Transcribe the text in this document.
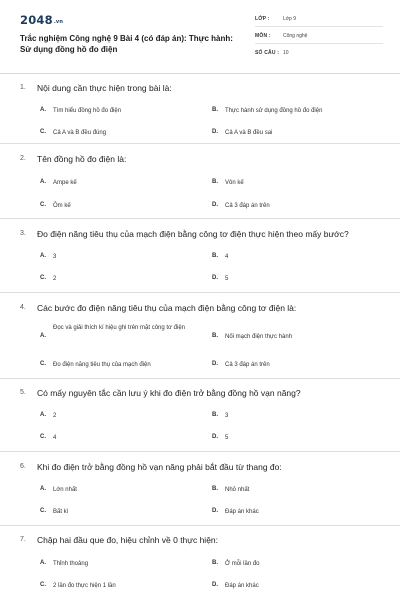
2048.vn
Trắc nghiệm Công nghệ 9 Bài 4 (có đáp án): Thực hành: Sử dụng đồng hồ đo điện
LỚP :	Lớp 9
MÔN : Công nghệ
SỐ CÂU : 10
1. Nội dung cần thực hiện trong bài là:
A. Tìm hiểu đồng hồ đo điện	B. Thực hành sử dụng đồng hồ đo điện
C. Cả A và B đều đúng	D. Cả A và B đều sai
2. Tên đồng hồ đo điện là:
A. Ampe kế	B. Vôn kế
C. Ôm kế	D. Cả 3 đáp án trên
3. Đo điện năng tiêu thụ của mạch điện bằng công tơ điện thực hiện theo mấy bước?
A. 3	B. 4
C. 2	D. 5
4. Các bước đo điện năng tiêu thụ của mạch điện bằng công tơ điện là:
A.
Đọc và giải thích kí hiệu ghi trên mặt công tơ điện
B. Nối mạch điện thực hành
C. Đo điện năng tiêu thụ của mạch điện	D. Cả 3 đáp án trên
5. Có mấy nguyên tắc cần lưu ý khi đo điện trở bằng đồng hồ vạn năng?
A. 2	B. 3
C. 4	D. 5
6. Khi đo điện trở bằng đồng hồ vạn năng phải bắt đầu từ thang đo:
A. Lớn nhất	B. Nhỏ nhất
C. Bất kì	D. Đáp án khác
7. Chập hai đầu que đo, hiệu chỉnh về 0 thực hiện:
A. Thỉnh thoảng	B. Ở mỗi lần đo
C. 2 lần đo thực hiện 1 lần	D. Đáp án khác
